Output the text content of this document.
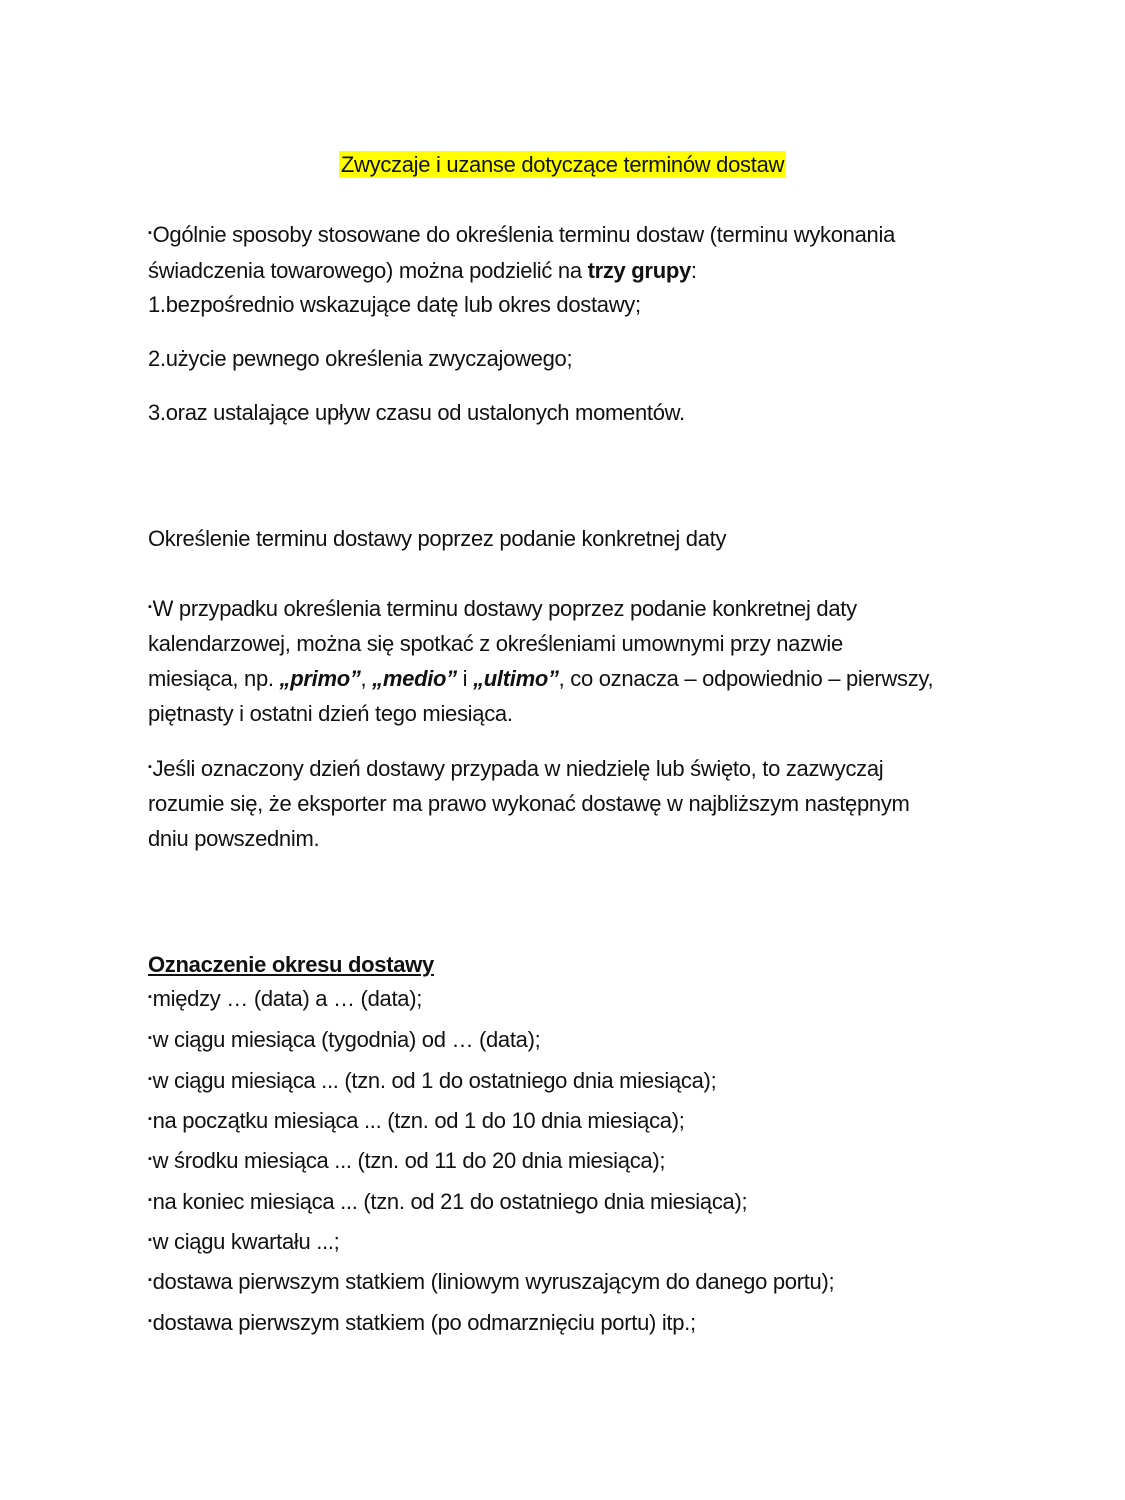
Zwyczaje i uzanse dotyczące terminów dostaw
▪Ogólnie sposoby stosowane do określenia terminu dostaw (terminu wykonania
świadczenia towarowego) można podzielić na trzy grupy:
1.bezpośrednio wskazujące datę lub okres dostawy;
2.użycie pewnego określenia zwyczajowego;
3.oraz ustalające upływ czasu od ustalonych momentów.
Określenie terminu dostawy poprzez podanie konkretnej daty
▪W przypadku określenia terminu dostawy poprzez podanie konkretnej daty
kalendarzowej, można się spotkać z określeniami umownymi przy nazwie
miesiąca, np. „primo”, „medio” i „ultimo”, co oznacza – odpowiednio – pierwszy,
piętnasty i ostatni dzień tego miesiąca.
▪Jeśli oznaczony dzień dostawy przypada w niedzielę lub święto, to zazwyczaj
rozumie się, że eksporter ma prawo wykonać dostawę w najbliższym następnym
dniu powszednim.
Oznaczenie okresu dostawy
▪między … (data) a … (data);
▪w ciągu miesiąca (tygodnia) od … (data);
▪w ciągu miesiąca ... (tzn. od 1 do ostatniego dnia miesiąca);
▪na początku miesiąca ... (tzn. od 1 do 10 dnia miesiąca);
▪w środku miesiąca ... (tzn. od 11 do 20 dnia miesiąca);
▪na koniec miesiąca ... (tzn. od 21 do ostatniego dnia miesiąca);
▪w ciągu kwartału ...;
▪dostawa pierwszym statkiem (liniowym wyruszającym do danego portu);
▪dostawa pierwszym statkiem (po odmarznięciu portu) itp.;
